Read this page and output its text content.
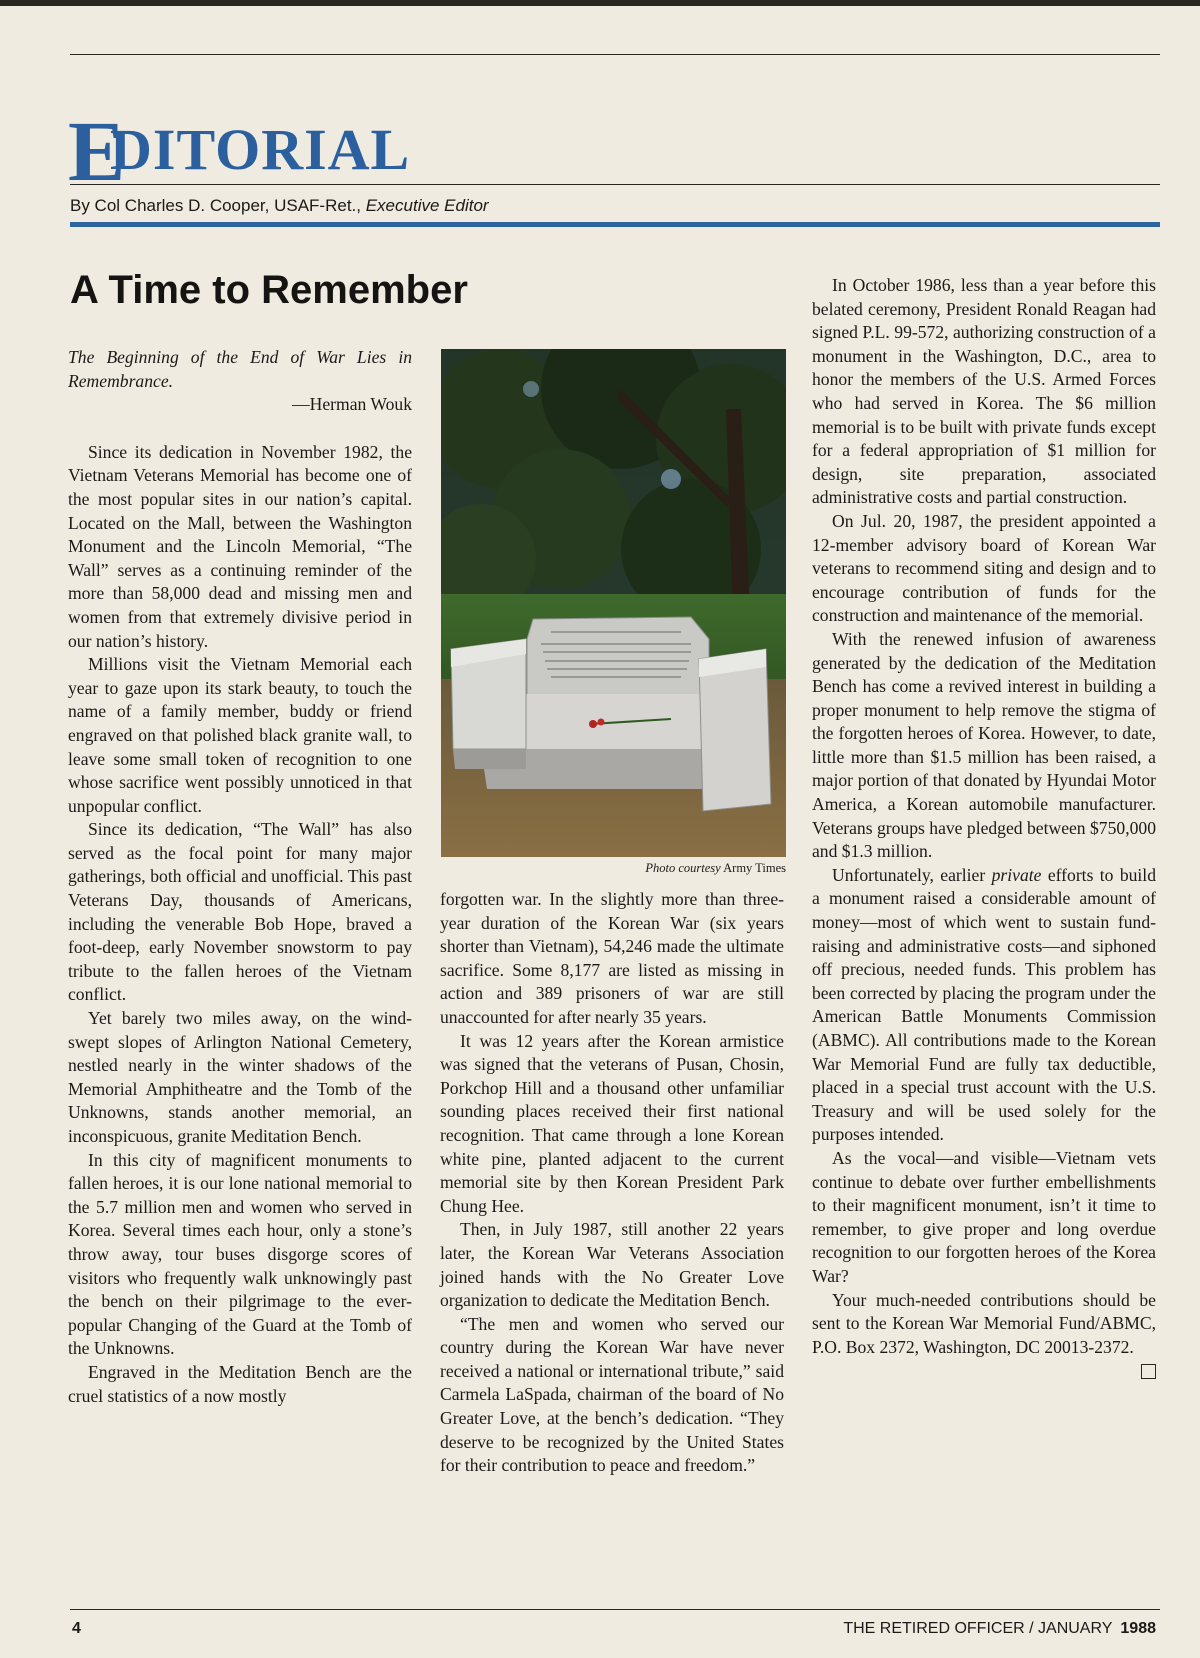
E
DITORIAL
By Col Charles D. Cooper, USAF-Ret., Executive Editor
A Time to Remember

The Beginning of the End of War Lies in Remembrance.

—Herman Wouk

Since its dedication in November 1982, the Vietnam Veterans Memorial has become one of the most popular sites in our nation’s capital. Located on the Mall, between the Washington Monument and the Lincoln Memorial, “The Wall” serves as a continuing reminder of the more than 58,000 dead and missing men and women from that extremely divisive period in our nation’s history.

Millions visit the Vietnam Memorial each year to gaze upon its stark beauty, to touch the name of a family member, buddy or friend engraved on that polished black granite wall, to leave some small token of recognition to one whose sacrifice went possibly unnoticed in that unpopular conflict.

Since its dedication, “The Wall” has also served as the focal point for many major gatherings, both official and unofficial. This past Veterans Day, thousands of Americans, including the venerable Bob Hope, braved a foot-deep, early November snowstorm to pay tribute to the fallen heroes of the Vietnam conflict.

Yet barely two miles away, on the wind-swept slopes of Arlington National Cemetery, nestled nearly in the winter shadows of the Memorial Amphitheatre and the Tomb of the Unknowns, stands another memorial, an inconspicuous, granite Meditation Bench.

In this city of magnificent monuments to fallen heroes, it is our lone national memorial to the 5.7 million men and women who served in Korea. Several times each hour, only a stone’s throw away, tour buses disgorge scores of visitors who frequently walk unknowingly past the bench on their pilgrimage to the ever-popular Changing of the Guard at the Tomb of the Unknowns.

Engraved in the Meditation Bench are the cruel statistics of a now mostly

Photo courtesy Army Times

forgotten war. In the slightly more than three-year duration of the Korean War (six years shorter than Vietnam), 54,246 made the ultimate sacrifice. Some 8,177 are listed as missing in action and 389 prisoners of war are still unaccounted for after nearly 35 years.

It was 12 years after the Korean armistice was signed that the veterans of Pusan, Chosin, Porkchop Hill and a thousand other unfamiliar sounding places received their first national recognition. That came through a lone Korean white pine, planted adjacent to the current memorial site by then Korean President Park Chung Hee.

Then, in July 1987, still another 22 years later, the Korean War Veterans Association joined hands with the No Greater Love organization to dedicate the Meditation Bench.

“The men and women who served our country during the Korean War have never received a national or international tribute,” said Carmela LaSpada, chairman of the board of No Greater Love, at the bench’s dedication. “They deserve to be recognized by the United States for their contribution to peace and freedom.”

In October 1986, less than a year before this belated ceremony, President Ronald Reagan had signed P.L. 99-572, authorizing construction of a monument in the Washington, D.C., area to honor the members of the U.S. Armed Forces who had served in Korea. The $6 million memorial is to be built with private funds except for a federal appropriation of $1 million for design, site preparation, associated administrative costs and partial construction.

On Jul. 20, 1987, the president appointed a 12-member advisory board of Korean War veterans to recommend siting and design and to encourage contribution of funds for the construction and maintenance of the memorial.

With the renewed infusion of awareness generated by the dedication of the Meditation Bench has come a revived interest in building a proper monument to help remove the stigma of the forgotten heroes of Korea. However, to date, little more than $1.5 million has been raised, a major portion of that donated by Hyundai Motor America, a Korean automobile manufacturer. Veterans groups have pledged between $750,000 and $1.3 million.

Unfortunately, earlier private efforts to build a monument raised a considerable amount of money—most of which went to sustain fund-raising and administrative costs—and siphoned off precious, needed funds. This problem has been corrected by placing the program under the American Battle Monuments Commission (ABMC). All contributions made to the Korean War Memorial Fund are fully tax deductible, placed in a special trust account with the U.S. Treasury and will be used solely for the purposes intended.

As the vocal—and visible—Vietnam vets continue to debate over further embellishments to their magnificent monument, isn’t it time to remember, to give proper and long overdue recognition to our forgotten heroes of the Korea War?

Your much-needed contributions should be sent to the Korean War Memorial Fund/ABMC, P.O. Box 2372, Washington, DC 20013-2372.

4	THE RETIRED OFFICER / JANUARY 1988
